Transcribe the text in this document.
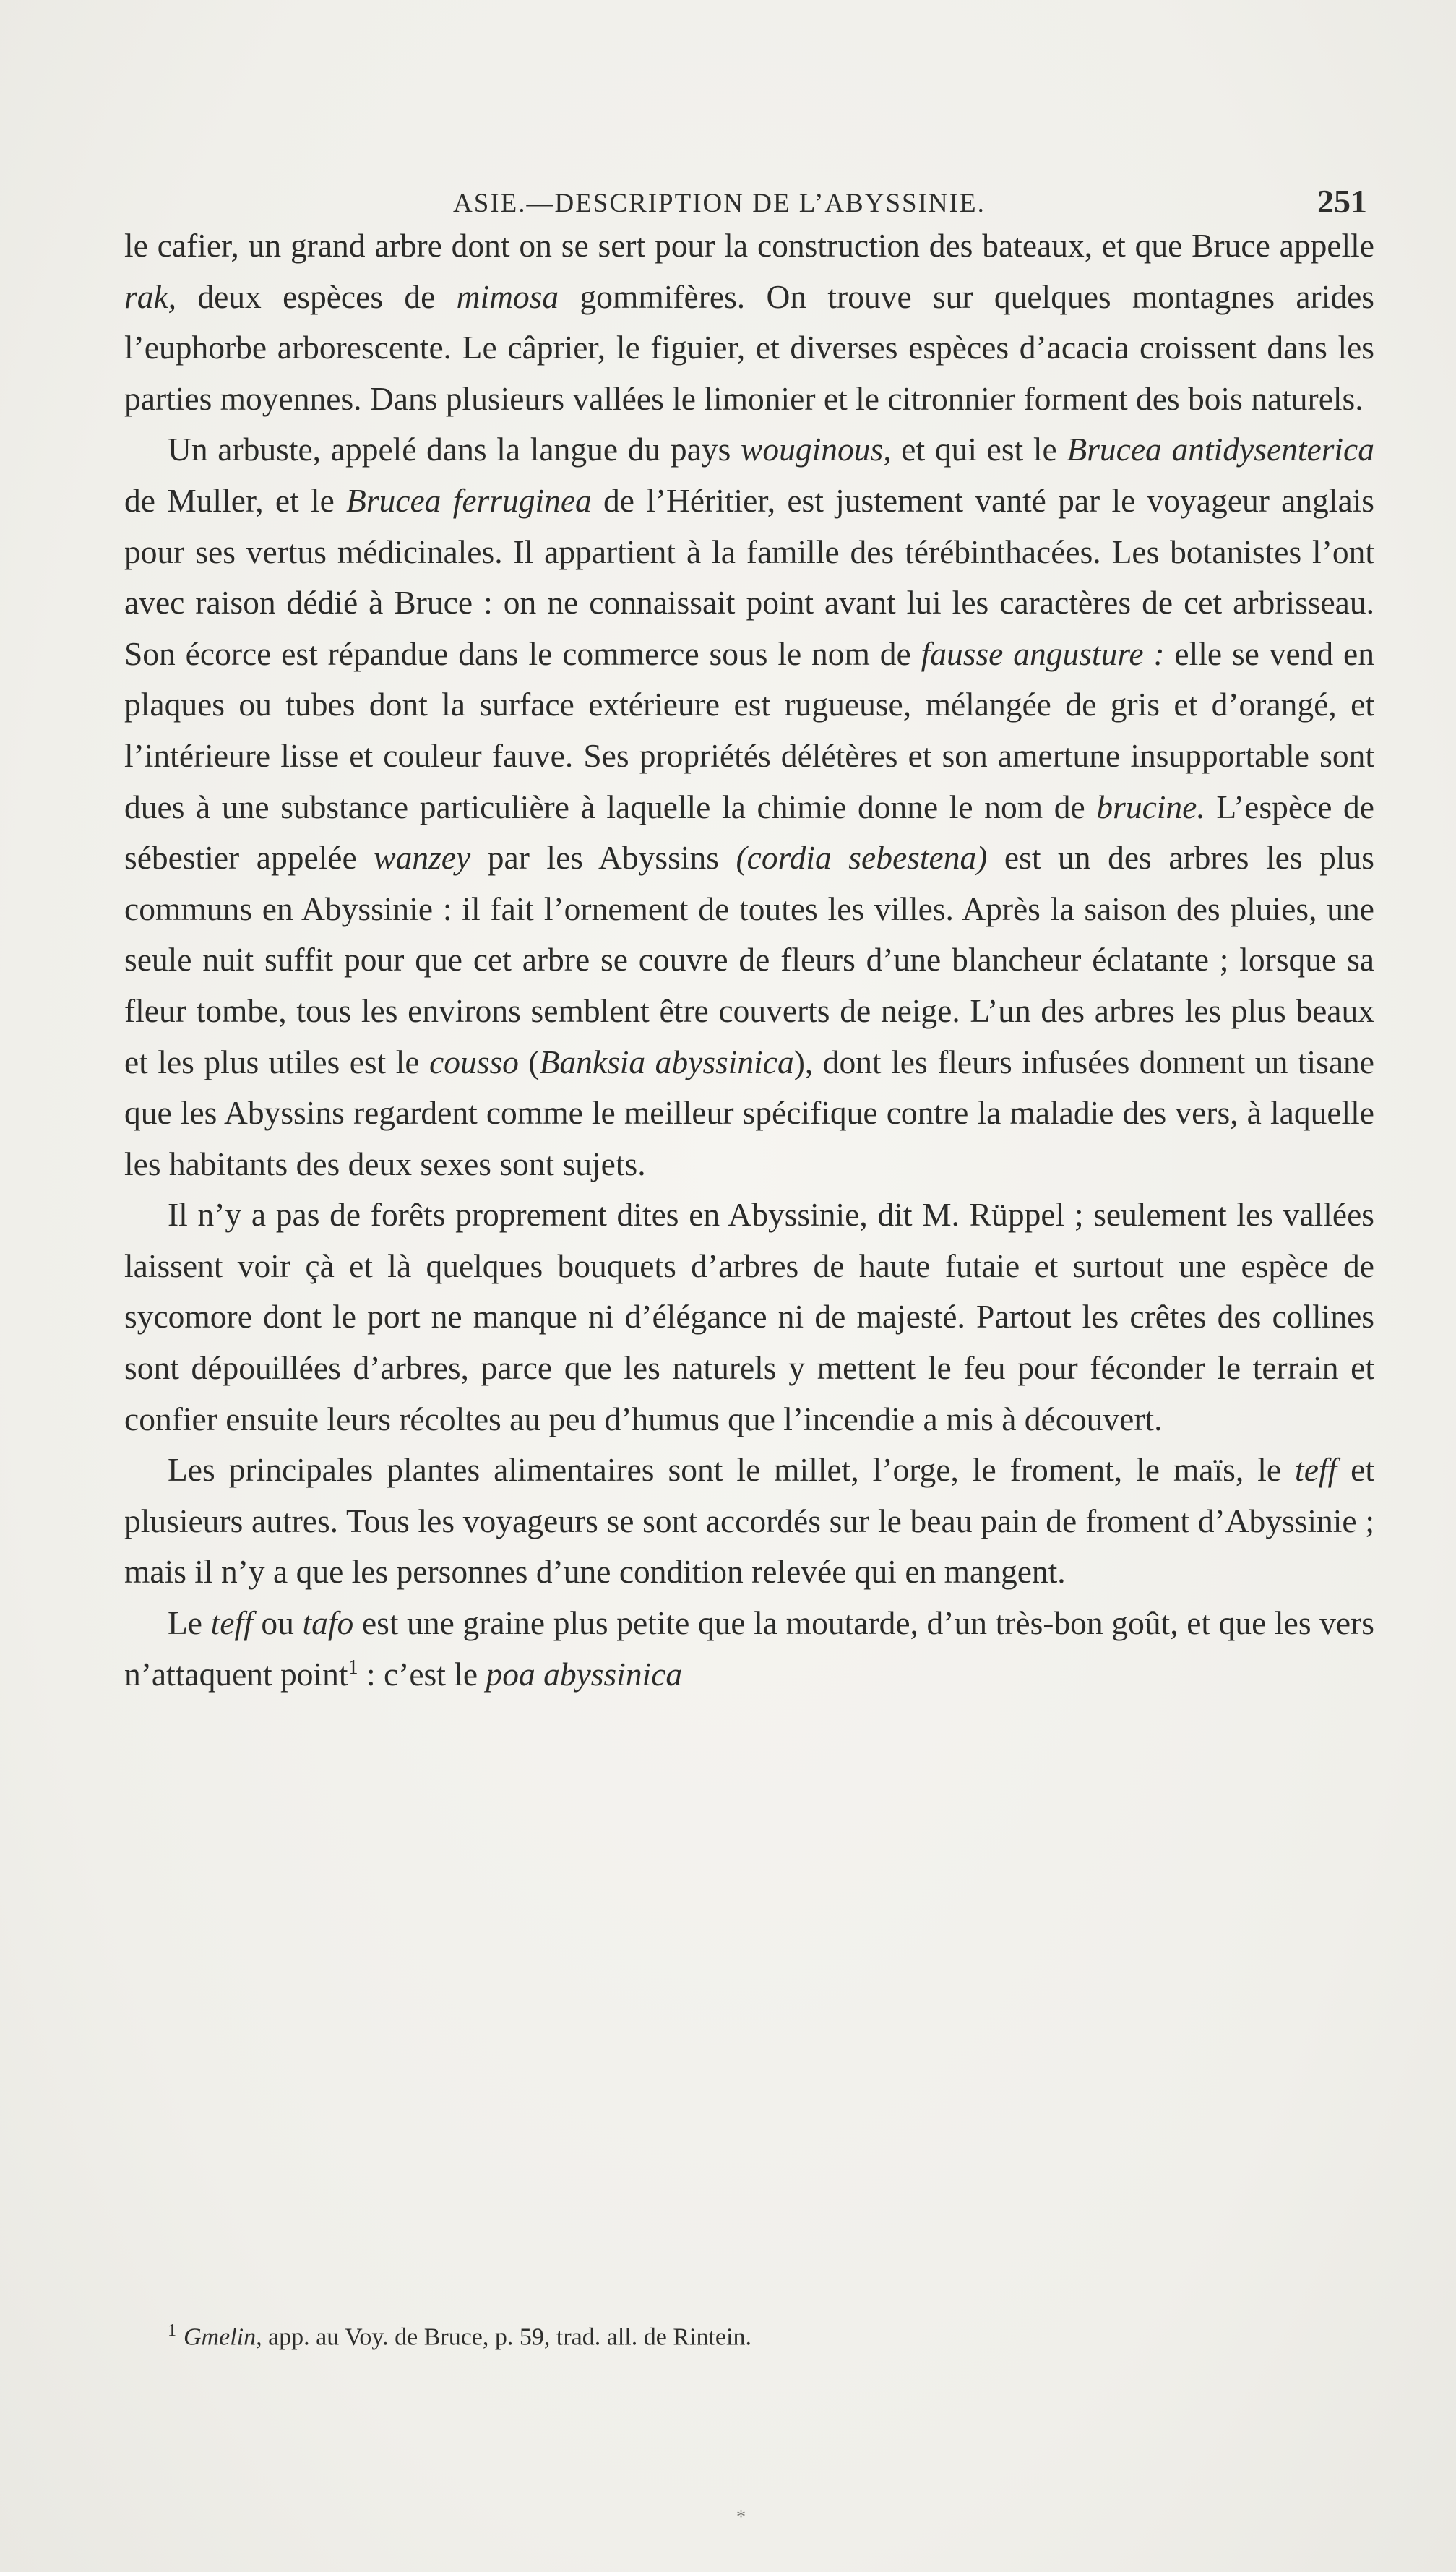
ASIE.—DESCRIPTION DE L’ABYSSINIE.	251

le cafier, un grand arbre dont on se sert pour la construction des bateaux, et que Bruce appelle rak, deux espèces de mimosa gommifères. On trouve sur quelques montagnes arides l’euphorbe arborescente. Le câprier, le figuier, et diverses espèces d’acacia croissent dans les parties moyennes. Dans plusieurs vallées le limonier et le citronnier forment des bois naturels.

Un arbuste, appelé dans la langue du pays wouginous, et qui est le Brucea antidysenterica de Muller, et le Brucea ferruginea de l’Héritier, est justement vanté par le voyageur anglais pour ses vertus médicinales. Il appartient à la famille des térébinthacées. Les botanistes l’ont avec raison dédié à Bruce : on ne connaissait point avant lui les caractères de cet arbrisseau. Son écorce est répandue dans le commerce sous le nom de fausse angusture : elle se vend en plaques ou tubes dont la surface extérieure est rugueuse, mélangée de gris et d’orangé, et l’intérieure lisse et couleur fauve. Ses propriétés délétères et son amertune insupportable sont dues à une substance particulière à laquelle la chimie donne le nom de brucine. L’espèce de sébestier appelée wanzey par les Abyssins (cordia sebestena) est un des arbres les plus communs en Abyssinie : il fait l’ornement de toutes les villes. Après la saison des pluies, une seule nuit suffit pour que cet arbre se couvre de fleurs d’une blancheur éclatante ; lorsque sa fleur tombe, tous les environs semblent être couverts de neige. L’un des arbres les plus beaux et les plus utiles est le cousso (Banksia abyssinica), dont les fleurs infusées donnent un tisane que les Abyssins regardent comme le meilleur spécifique contre la maladie des vers, à laquelle les habitants des deux sexes sont sujets.

Il n’y a pas de forêts proprement dites en Abyssinie, dit M. Rüppel ; seulement les vallées laissent voir çà et là quelques bouquets d’arbres de haute futaie et surtout une espèce de sycomore dont le port ne manque ni d’élégance ni de majesté. Partout les crêtes des collines sont dépouillées d’arbres, parce que les naturels y mettent le feu pour féconder le terrain et confier ensuite leurs récoltes au peu d’humus que l’incendie a mis à découvert.

Les principales plantes alimentaires sont le millet, l’orge, le froment, le maïs, le teff et plusieurs autres. Tous les voyageurs se sont accordés sur le beau pain de froment d’Abyssinie ; mais il n’y a que les personnes d’une condition relevée qui en mangent.

Le teff ou tafo est une graine plus petite que la moutarde, d’un très-bon goût, et que les vers n’attaquent point$^1$ : c’est le poa abyssinica

$^1$ Gmelin, app. au Voy. de Bruce, p. 59, trad. all. de Rintein.
*
